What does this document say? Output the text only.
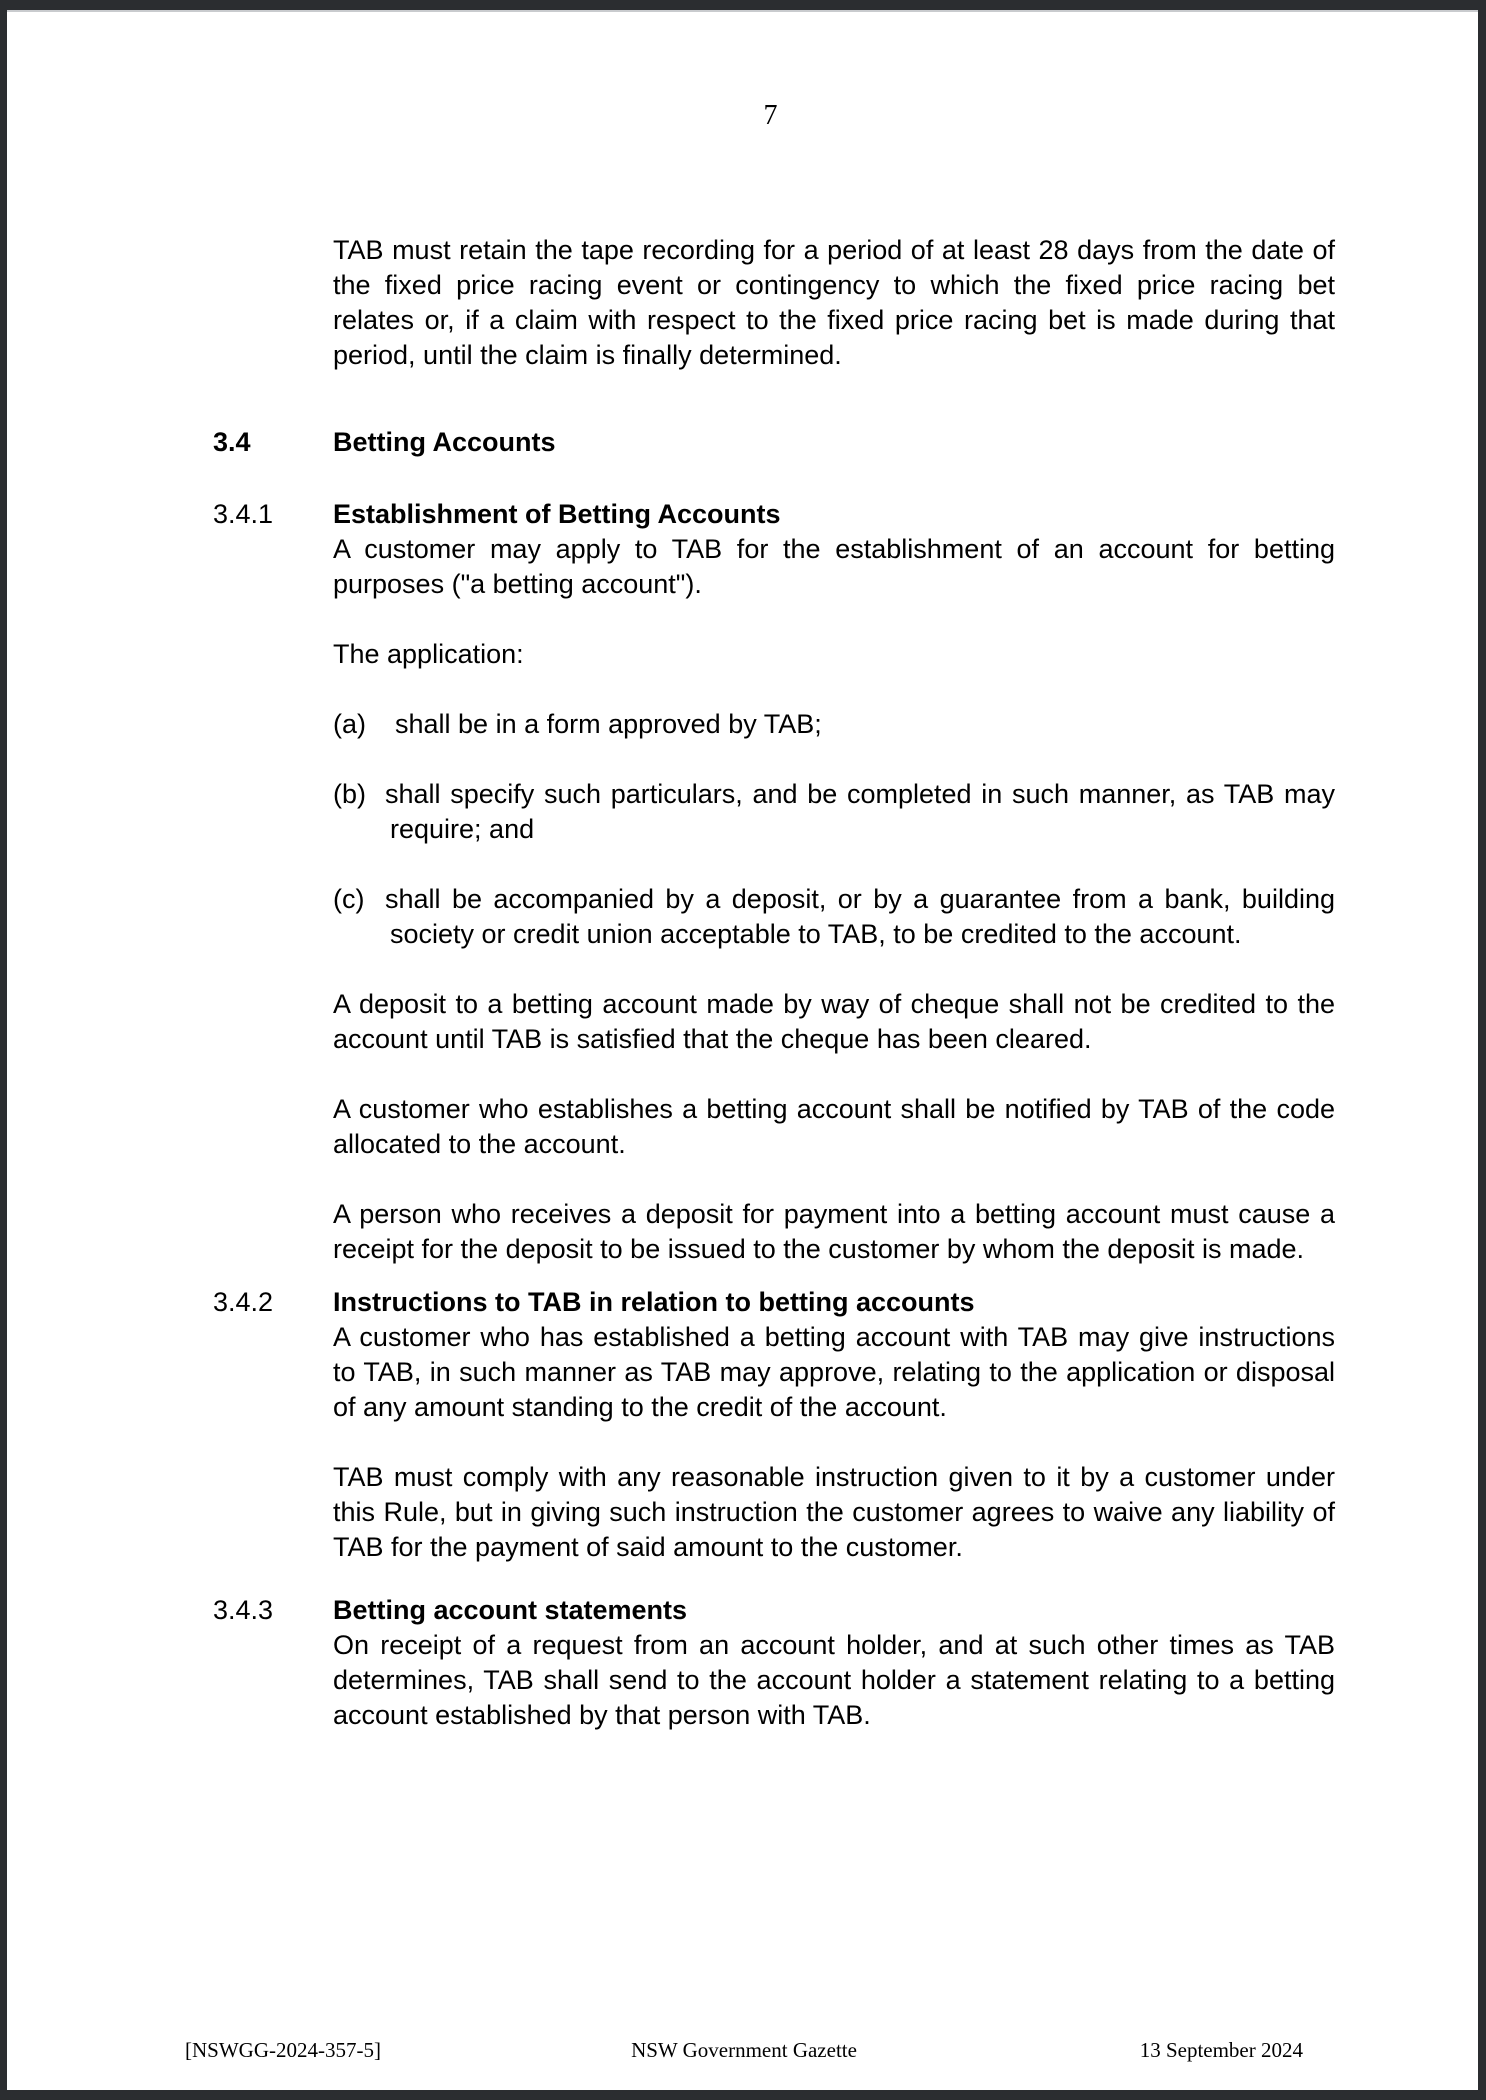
7

TAB must retain the tape recording for a period of at least 28 days from the date of the fixed price racing event or contingency to which the fixed price racing bet relates or, if a claim with respect to the fixed price racing bet is made during that period, until the claim is finally determined.

3.4	Betting Accounts
3.4.1	Establishment of Betting Accounts

A customer may apply to TAB for the establishment of an account for betting purposes ("a betting account").

The application:

(a) shall be in a form approved by TAB;

(b) shall specify such particulars, and be completed in such manner, as TAB may require; and

(c) shall be accompanied by a deposit, or by a guarantee from a bank, building society or credit union acceptable to TAB, to be credited to the account.

A deposit to a betting account made by way of cheque shall not be credited to the account until TAB is satisfied that the cheque has been cleared.

A customer who establishes a betting account shall be notified by TAB of the code allocated to the account.

A person who receives a deposit for payment into a betting account must cause a receipt for the deposit to be issued to the customer by whom the deposit is made.

3.4.2	Instructions to TAB in relation to betting accounts

A customer who has established a betting account with TAB may give instructions to TAB, in such manner as TAB may approve, relating to the application or disposal of any amount standing to the credit of the account.

TAB must comply with any reasonable instruction given to it by a customer under this Rule, but in giving such instruction the customer agrees to waive any liability of TAB for the payment of said amount to the customer.

3.4.3	Betting account statements

On receipt of a request from an account holder, and at such other times as TAB determines, TAB shall send to the account holder a statement relating to a betting account established by that person with TAB.

[NSWGG-2024-357-5]	NSW Government Gazette	13 September 2024
